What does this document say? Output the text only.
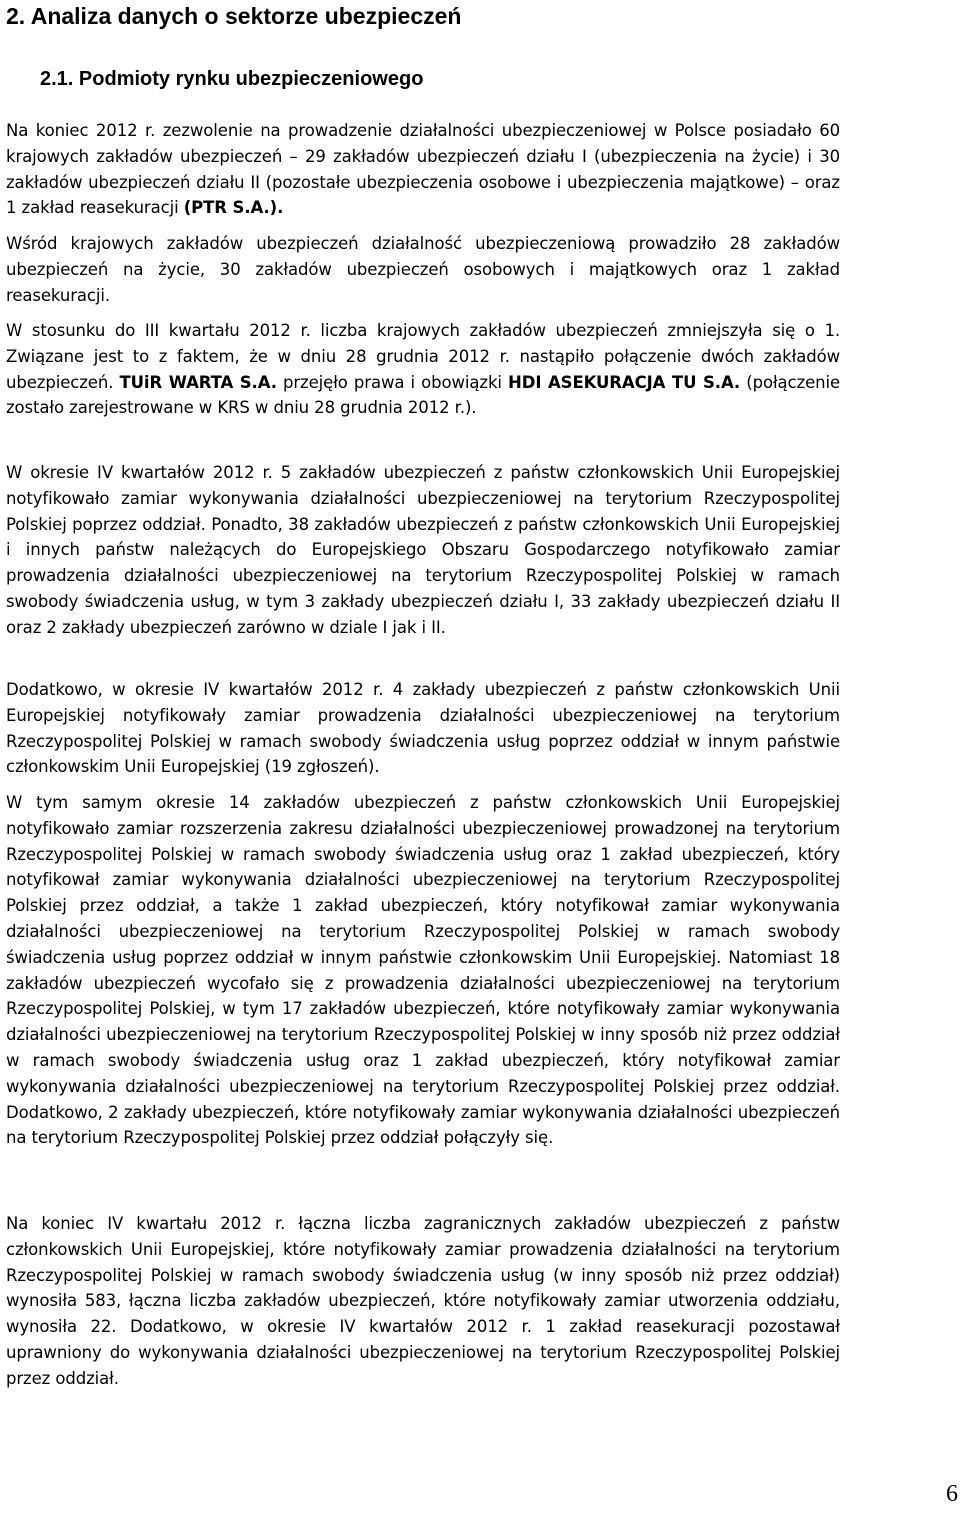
2. Analiza danych o sektorze ubezpieczeń
2.1. Podmioty rynku ubezpieczeniowego

Na koniec 2012 r. zezwolenie na prowadzenie działalności ubezpieczeniowej w Polsce posiadało 60 krajowych zakładów ubezpieczeń – 29 zakładów ubezpieczeń działu I (ubezpieczenia na życie) i 30 zakładów ubezpieczeń działu II (pozostałe ubezpieczenia osobowe i ubezpieczenia majątkowe) – oraz 1 zakład reasekuracji (PTR S.A.).

Wśród krajowych zakładów ubezpieczeń działalność ubezpieczeniową prowadziło 28 zakładów ubezpieczeń na życie, 30 zakładów ubezpieczeń osobowych i majątkowych oraz 1 zakład reasekuracji.

W stosunku do III kwartału 2012 r. liczba krajowych zakładów ubezpieczeń zmniejszyła się o 1. Związane jest to z faktem, że w dniu 28 grudnia 2012 r. nastąpiło połączenie dwóch zakładów ubezpieczeń. TUiR WARTA S.A. przejęło prawa i obowiązki HDI ASEKURACJA TU S.A. (połączenie zostało zarejestrowane w KRS w dniu 28 grudnia 2012 r.).

W okresie IV kwartałów 2012 r. 5 zakładów ubezpieczeń z państw członkowskich Unii Europejskiej notyfikowało zamiar wykonywania działalności ubezpieczeniowej na terytorium Rzeczypospolitej Polskiej poprzez oddział. Ponadto, 38 zakładów ubezpieczeń z państw członkowskich Unii Europejskiej i innych państw należących do Europejskiego Obszaru Gospodarczego notyfikowało zamiar prowadzenia działalności ubezpieczeniowej na terytorium Rzeczypospolitej Polskiej w ramach swobody świadczenia usług, w tym 3 zakłady ubezpieczeń działu I, 33 zakłady ubezpieczeń działu II oraz 2 zakłady ubezpieczeń zarówno w dziale I jak i II.

Dodatkowo, w okresie IV kwartałów 2012 r. 4 zakłady ubezpieczeń z państw członkowskich Unii Europejskiej notyfikowały zamiar prowadzenia działalności ubezpieczeniowej na terytorium Rzeczypospolitej Polskiej w ramach swobody świadczenia usług poprzez oddział w innym państwie członkowskim Unii Europejskiej (19 zgłoszeń).

W tym samym okresie 14 zakładów ubezpieczeń z państw członkowskich Unii Europejskiej notyfikowało zamiar rozszerzenia zakresu działalności ubezpieczeniowej prowadzonej na terytorium Rzeczypospolitej Polskiej w ramach swobody świadczenia usług oraz 1 zakład ubezpieczeń, który notyfikował zamiar wykonywania działalności ubezpieczeniowej na terytorium Rzeczypospolitej Polskiej przez oddział, a także 1 zakład ubezpieczeń, który notyfikował zamiar wykonywania działalności ubezpieczeniowej na terytorium Rzeczypospolitej Polskiej w ramach swobody świadczenia usług poprzez oddział w innym państwie członkowskim Unii Europejskiej. Natomiast 18 zakładów ubezpieczeń wycofało się z prowadzenia działalności ubezpieczeniowej na terytorium Rzeczypospolitej Polskiej, w tym 17 zakładów ubezpieczeń, które notyfikowały zamiar wykonywania działalności ubezpieczeniowej na terytorium Rzeczypospolitej Polskiej w inny sposób niż przez oddział w ramach swobody świadczenia usług oraz 1 zakład ubezpieczeń, który notyfikował zamiar wykonywania działalności ubezpieczeniowej na terytorium Rzeczypospolitej Polskiej przez oddział. Dodatkowo, 2 zakłady ubezpieczeń, które notyfikowały zamiar wykonywania działalności ubezpieczeń na terytorium Rzeczypospolitej Polskiej przez oddział połączyły się.

Na koniec IV kwartału 2012 r. łączna liczba zagranicznych zakładów ubezpieczeń z państw członkowskich Unii Europejskiej, które notyfikowały zamiar prowadzenia działalności na terytorium Rzeczypospolitej Polskiej w ramach swobody świadczenia usług (w inny sposób niż przez oddział) wynosiła 583, łączna liczba zakładów ubezpieczeń, które notyfikowały zamiar utworzenia oddziału, wynosiła 22. Dodatkowo, w okresie IV kwartałów 2012 r. 1 zakład reasekuracji pozostawał uprawniony do wykonywania działalności ubezpieczeniowej na terytorium Rzeczypospolitej Polskiej przez oddział.

6
